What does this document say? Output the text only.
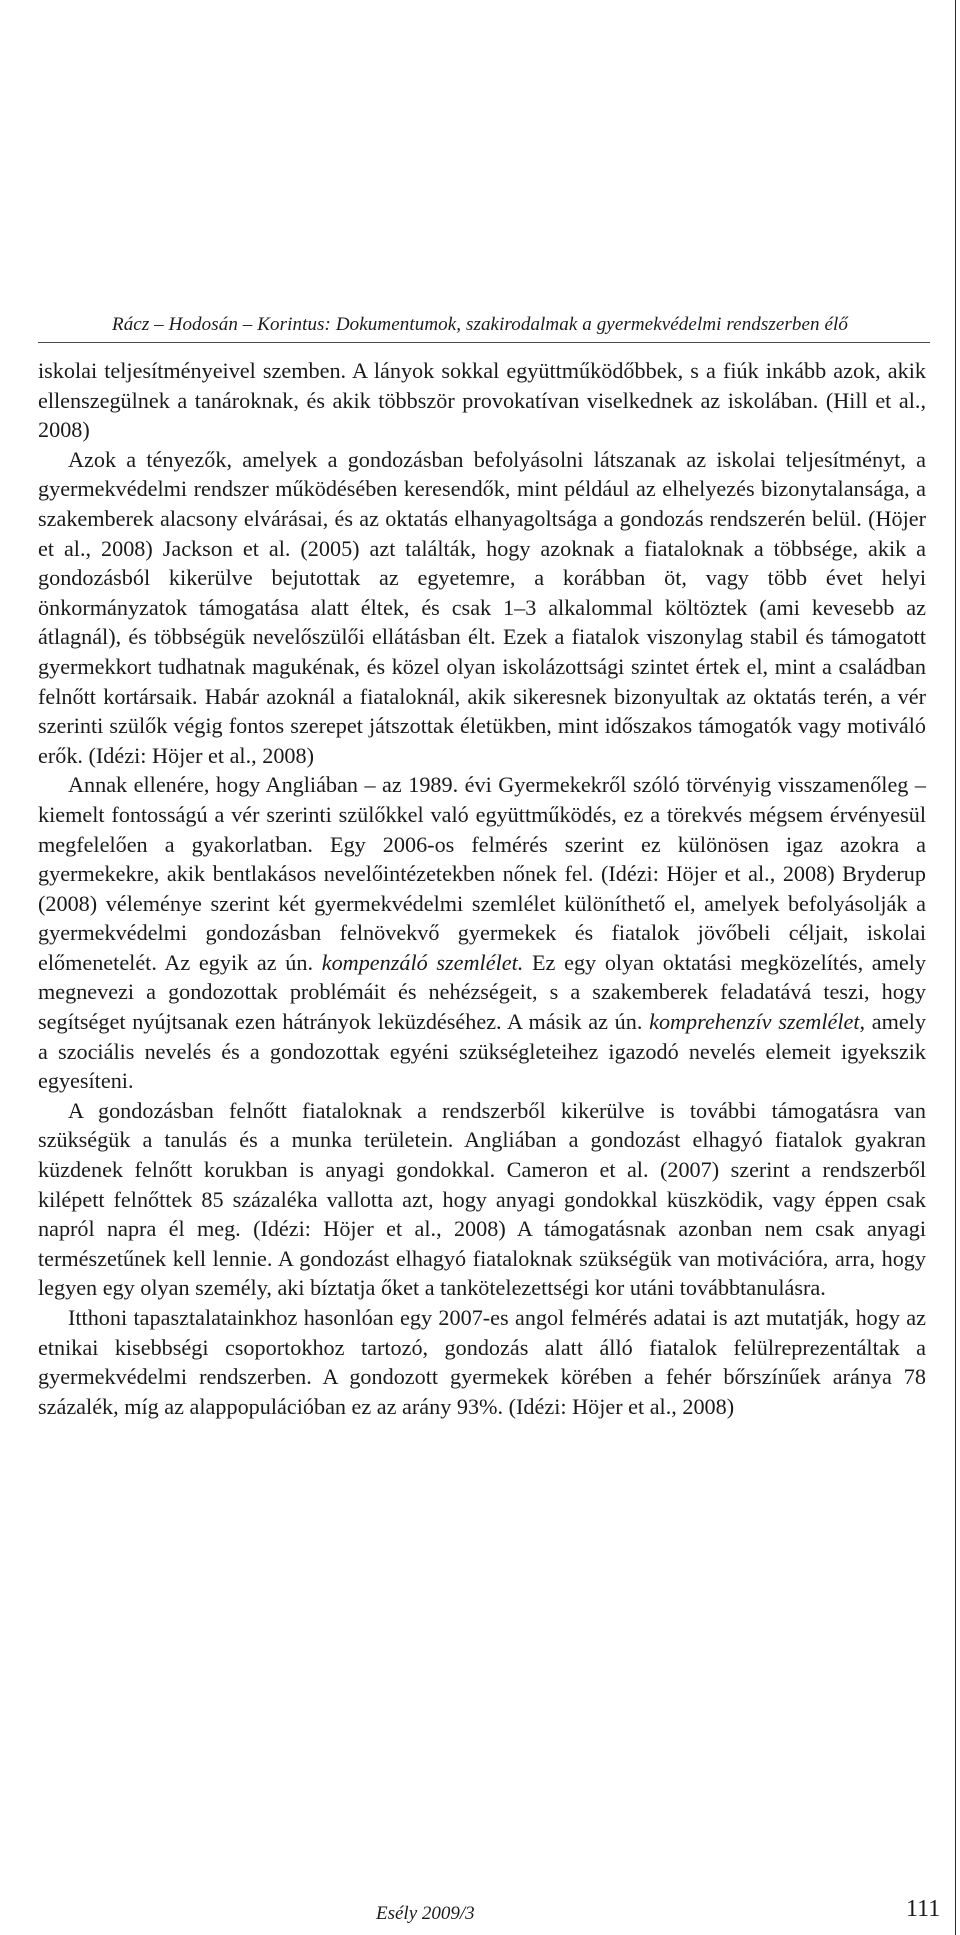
Rácz – Hodosán – Korintus: Dokumentumok, szakirodalmak a gyermekvédelmi rendszerben élő

iskolai teljesítményeivel szemben. A lányok sokkal együttműködőbbek, s a fiúk inkább azok, akik ellenszegülnek a tanároknak, és akik többször provokatívan viselkednek az iskolában. (Hill et al., 2008)

Azok a tényezők, amelyek a gondozásban befolyásolni látszanak az iskolai teljesítményt, a gyermekvédelmi rendszer működésében keresendők, mint például az elhelyezés bizonytalansága, a szakemberek alacsony elvárásai, és az oktatás elhanyagoltsága a gondozás rendszerén belül. (Höjer et al., 2008) Jackson et al. (2005) azt találták, hogy azoknak a fiataloknak a többsége, akik a gondozásból kikerülve bejutottak az egyetemre, a korábban öt, vagy több évet helyi önkormányzatok támogatása alatt éltek, és csak 1–3 alkalommal költöztek (ami kevesebb az átlagnál), és többségük nevelőszülői ellátásban élt. Ezek a fiatalok viszonylag stabil és támogatott gyermekkort tudhatnak magukénak, és közel olyan iskolázottsági szintet értek el, mint a családban felnőtt kortársaik. Habár azoknál a fiataloknál, akik sikeresnek bizonyultak az oktatás terén, a vér szerinti szülők végig fontos szerepet játszottak életükben, mint időszakos támogatók vagy motiváló erők. (Idézi: Höjer et al., 2008)

Annak ellenére, hogy Angliában – az 1989. évi Gyermekekről szóló törvényig visszamenőleg – kiemelt fontosságú a vér szerinti szülőkkel való együttműködés, ez a törekvés mégsem érvényesül megfelelően a gyakorlatban. Egy 2006-os felmérés szerint ez különösen igaz azokra a gyermekekre, akik bentlakásos nevelőintézetekben nőnek fel. (Idézi: Höjer et al., 2008) Bryderup (2008) véleménye szerint két gyermekvédelmi szemlélet különíthető el, amelyek befolyásolják a gyermekvédelmi gondozásban felnövekvő gyermekek és fiatalok jövőbeli céljait, iskolai előmenetelét. Az egyik az ún. kompenzáló szemlélet. Ez egy olyan oktatási megközelítés, amely megnevezi a gondozottak problémáit és nehézségeit, s a szakemberek feladatává teszi, hogy segítséget nyújtsanak ezen hátrányok leküzdéséhez. A másik az ún. komprehenzív szemlélet, amely a szociális nevelés és a gondozottak egyéni szükségleteihez igazodó nevelés elemeit igyekszik egyesíteni.

A gondozásban felnőtt fiataloknak a rendszerből kikerülve is további támogatásra van szükségük a tanulás és a munka területein. Angliában a gondozást elhagyó fiatalok gyakran küzdenek felnőtt korukban is anyagi gondokkal. Cameron et al. (2007) szerint a rendszerből kilépett felnőttek 85 százaléka vallotta azt, hogy anyagi gondokkal küszködik, vagy éppen csak napról napra él meg. (Idézi: Höjer et al., 2008) A támogatásnak azonban nem csak anyagi természetűnek kell lennie. A gondozást elhagyó fiataloknak szükségük van motivációra, arra, hogy legyen egy olyan személy, aki bíztatja őket a tankötelezettségi kor utáni továbbtanulásra.

Itthoni tapasztalatainkhoz hasonlóan egy 2007-es angol felmérés adatai is azt mutatják, hogy az etnikai kisebbségi csoportokhoz tartozó, gondozás alatt álló fiatalok felülreprezentáltak a gyermekvédelmi rendszerben. A gondozott gyermekek körében a fehér bőrszínűek aránya 78 százalék, míg az alappopulációban ez az arány 93%. (Idézi: Höjer et al., 2008)

Esély 2009/3	111
